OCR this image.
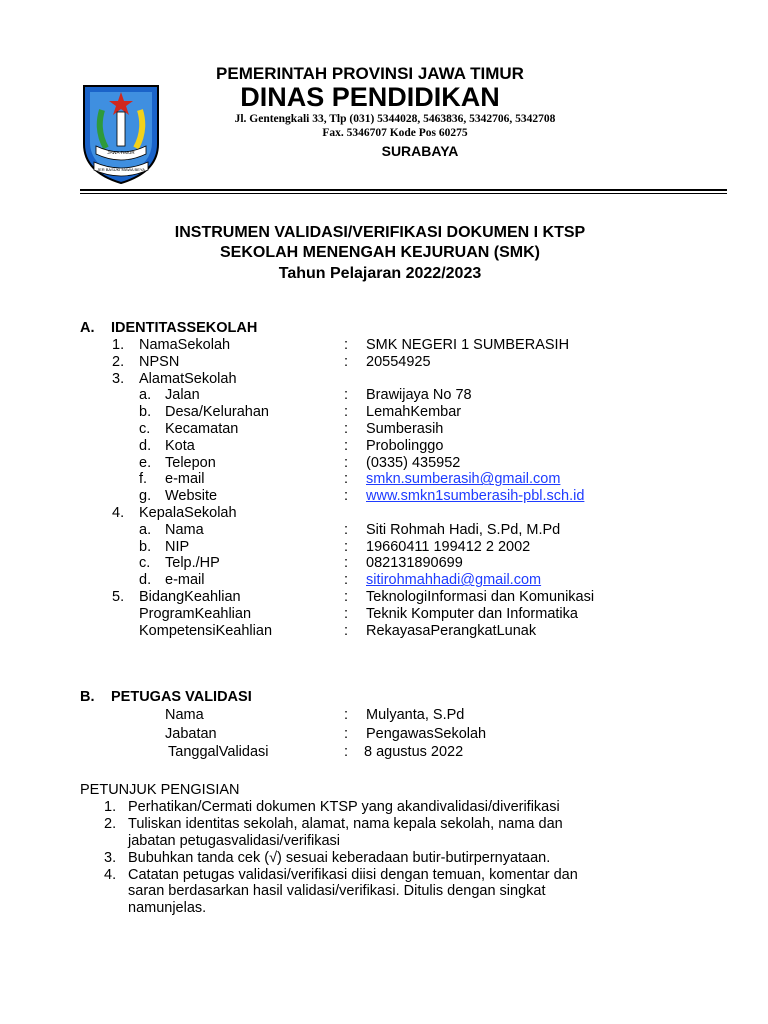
JAWA TIMUR
JER BASUKI MAWA BEYA
PEMERINTAH PROVINSI JAWA TIMUR
DINAS PENDIDIKAN
Jl. Gentengkali 33, Tlp (031) 5344028, 5463836, 5342706, 5342708
Fax. 5346707 Kode Pos 60275
SURABAYA
INSTRUMEN VALIDASI/VERIFIKASI DOKUMEN I KTSP
SEKOLAH MENENGAH KEJURUAN (SMK)
Tahun Pelajaran 2022/2023
A. IDENTITASSEKOLAH
1. NamaSekolah	: SMK NEGERI 1 SUMBERASIH
2. NPSN	: 20554925
3. AlamatSekolah
a. Jalan	: Brawijaya No 78
b. Desa/Kelurahan	: LemahKembar
c. Kecamatan	: Sumberasih
d. Kota	: Probolinggo
e. Telepon	: (0335) 435952
f. e-mail	: smkn.sumberasih@gmail.com
g. Website	: www.smkn1sumberasih-pbl.sch.id
4. KepalaSekolah
a. Nama	: Siti Rohmah Hadi, S.Pd, M.Pd
b. NIP	: 19660411 199412 2 2002
c. Telp./HP	: 082131890699
d. e-mail	: sitirohmahhadi@gmail.com
5. BidangKeahlian	: TeknologiInformasi dan Komunikasi
ProgramKeahlian	: Teknik Komputer dan Informatika
KompetensiKeahlian	: RekayasaPerangkatLunak
B. PETUGAS VALIDASI
Nama	: Mulyanta, S.Pd
Jabatan	: PengawasSekolah
TanggalValidasi	: 8 agustus 2022
PETUNJUK PENGISIAN
1. Perhatikan/Cermati dokumen KTSP yang akandivalidasi/diverifikasi
2. Tuliskan identitas sekolah, alamat, nama kepala sekolah, nama dan
jabatan petugasvalidasi/verifikasi
3. Bubuhkan tanda cek (√) sesuai keberadaan butir-butirpernyataan.
4. Catatan petugas validasi/verifikasi diisi dengan temuan, komentar dan
saran berdasarkan hasil validasi/verifikasi. Ditulis dengan singkat
namunjelas.
